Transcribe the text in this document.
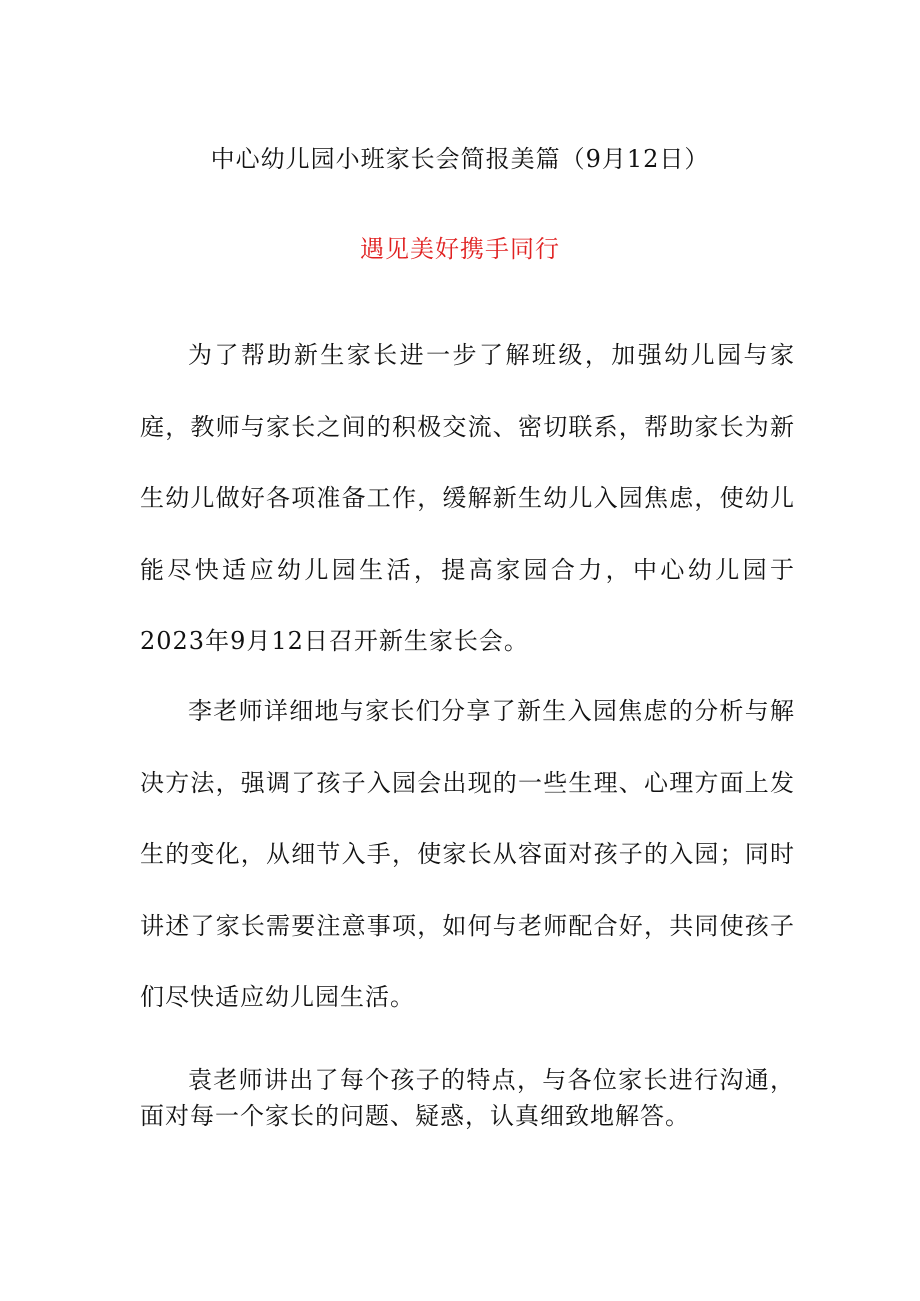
中心幼儿园小班家长会简报美篇（9月12日）
遇见美好携手同行

为了帮助新生家长进一步了解班级，加强幼儿园与家庭，教师与家长之间的积极交流、密切联系，帮助家长为新生幼儿做好各项准备工作，缓解新生幼儿入园焦虑，使幼儿能尽快适应幼儿园生活，提高家园合力，中心幼儿园于2023年9月12日召开新生家长会。

李老师详细地与家长们分享了新生入园焦虑的分析与解决方法，强调了孩子入园会出现的一些生理、心理方面上发生的变化，从细节入手，使家长从容面对孩子的入园；同时讲述了家长需要注意事项，如何与老师配合好，共同使孩子们尽快适应幼儿园生活。

袁老师讲出了每个孩子的特点，与各位家长进行沟通，面对每一个家长的问题、疑惑，认真细致地解答。
